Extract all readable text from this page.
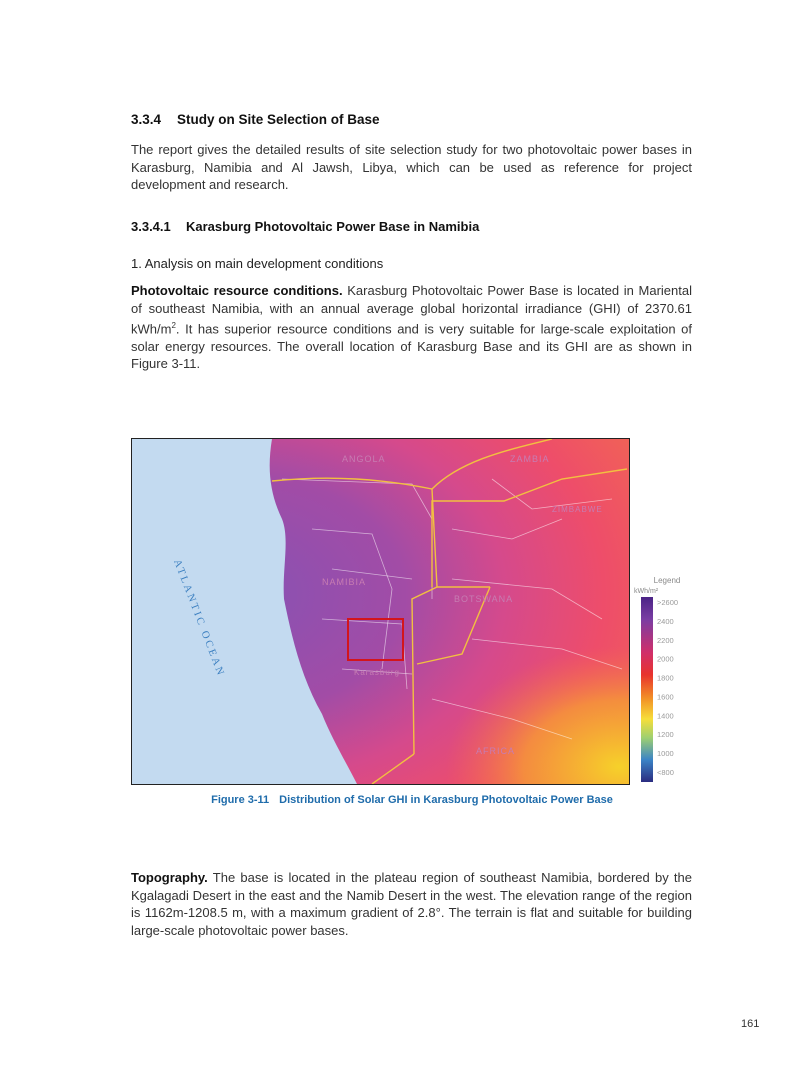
3.3.4 Study on Site Selection of Base

The report gives the detailed results of site selection study for two photovoltaic power bases in Karasburg, Namibia and Al Jawsh, Libya, which can be used as reference for project development and research.

3.3.4.1 Karasburg Photovoltaic Power Base in Namibia
1. Analysis on main development conditions

Photovoltaic resource conditions. Karasburg Photovoltaic Power Base is located in Mariental of southeast Namibia, with an annual average global horizontal irradiance (GHI) of 2370.61 kWh/$m^2$. It has superior resource conditions and is very suitable for large-scale exploitation of solar energy resources. The overall location of Karasburg Base and its GHI are as shown in Figure 3-11.

ANGOLA	ZAMBIA
ZIMBABWE
NAMIBIA
BOTSWANA
Karasburg
AFRICA
ATLANTIC OCEAN	Legend
kWh/m²
>2600
2400
2200
2000
1800
1600
1400
1200
1000
<800
Figure 3-11 Distribution of Solar GHI in Karasburg Photovoltaic Power Base

Topography. The base is located in the plateau region of southeast Namibia, bordered by the Kgalagadi Desert in the east and the Namib Desert in the west. The elevation range of the region is 1162m-1208.5 m, with a maximum gradient of 2.8°. The terrain is flat and suitable for building large-scale photovoltaic power bases.

161
